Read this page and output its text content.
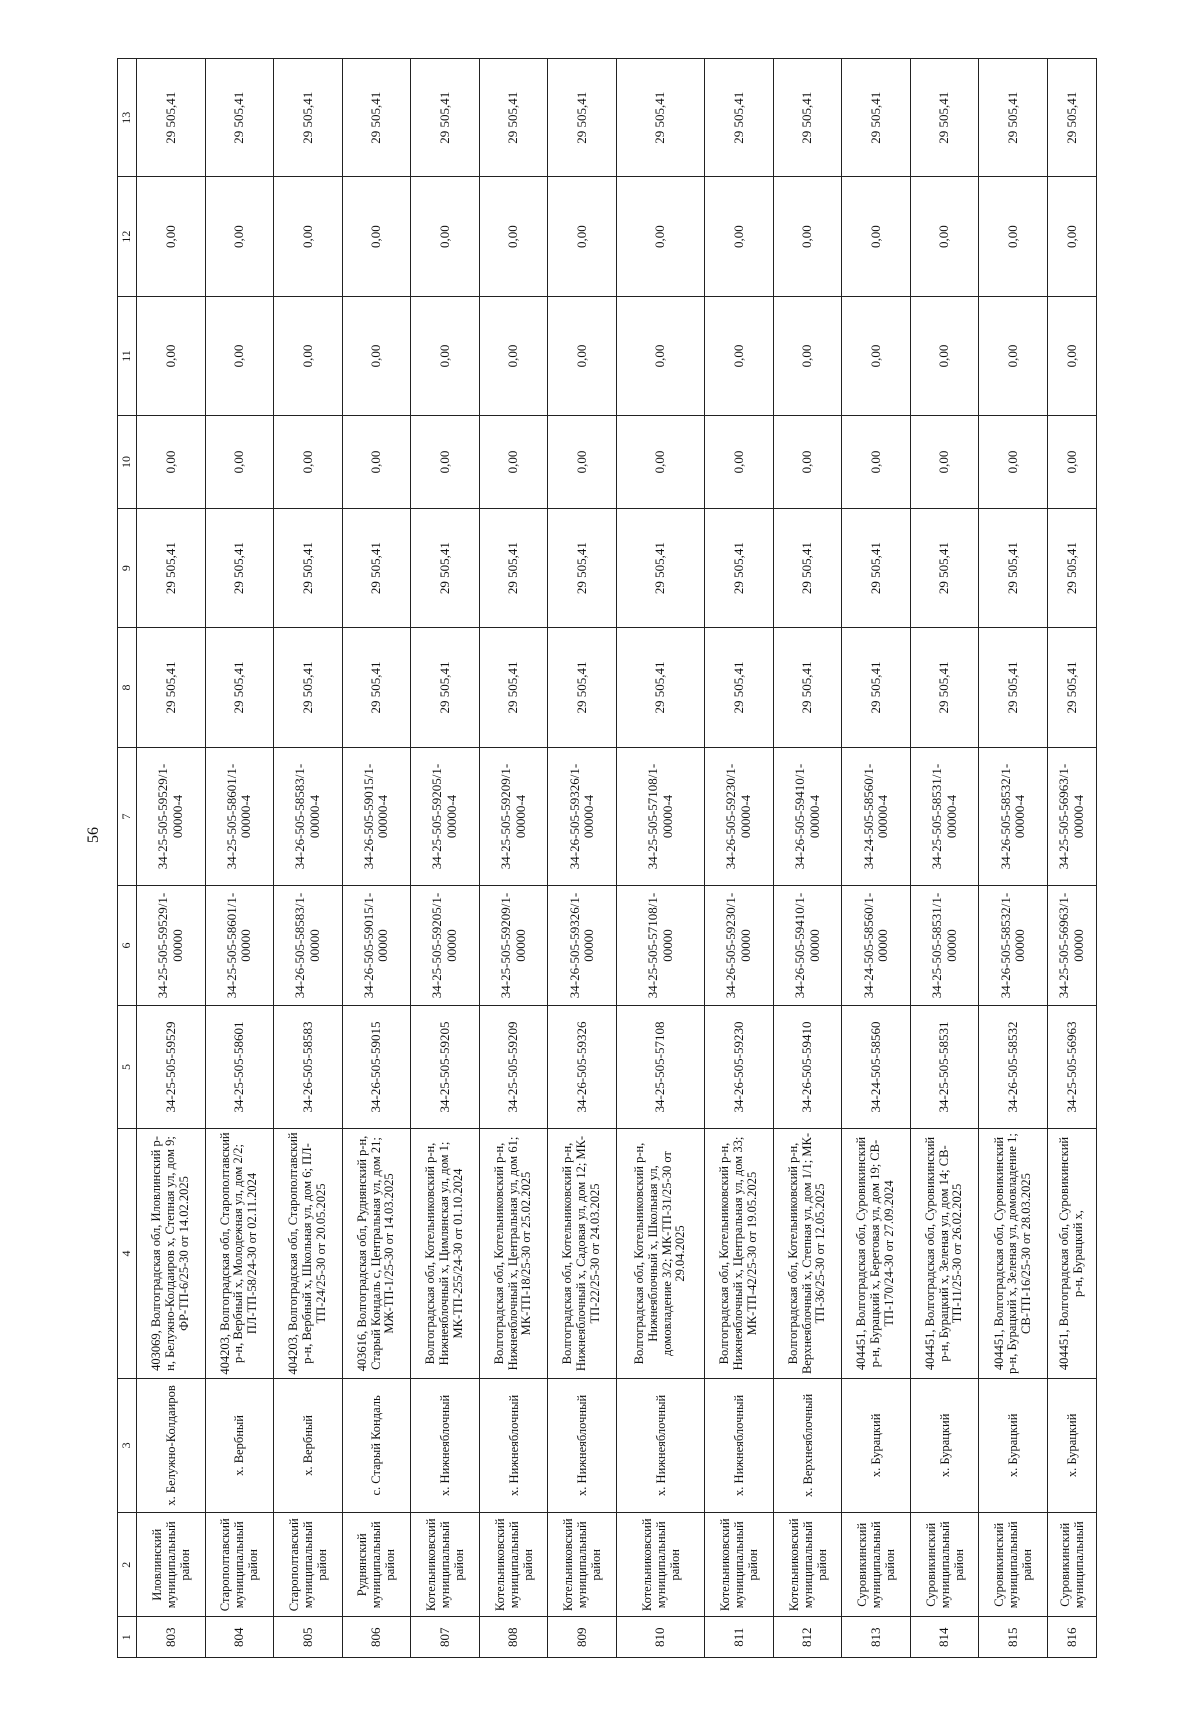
56
1	2	3	4	5	6	7	8	9	10	11	12	13
803	Иловлинский муниципальный район	х. Белужно-Колдаиров	403069, Волгоградская обл, Иловлинский р-н, Белужно-Колдаиров х, Степная ул, дом 9; ФР-ТП-6/25-30 от 14.02.2025	34-25-505-59529	34-25-505-59529/1-00000	34-25-505-59529/1-00000-4	29 505,41	29 505,41	0,00	0,00	0,00	29 505,41
804	Старополтавский муниципальный район	х. Вербный	404203, Волгоградская обл, Старополтавский р-н, Вербный х, Молодежная ул, дом 2/2; ПЛ-ТП-58/24-30 от 02.11.2024	34-25-505-58601	34-25-505-58601/1-00000	34-25-505-58601/1-00000-4	29 505,41	29 505,41	0,00	0,00	0,00	29 505,41
805	Старополтавский муниципальный район	х. Вербный	404203, Волгоградская обл, Старополтавский р-н, Вербный х, Школьная ул, дом 6; ПЛ-ТП-24/25-30 от 20.05.2025	34-26-505-58583	34-26-505-58583/1-00000	34-26-505-58583/1-00000-4	29 505,41	29 505,41	0,00	0,00	0,00	29 505,41
806	Руднянский муниципальный район	с. Старый Кондаль	403616, Волгоградская обл, Руднянский р-н, Старый Кондаль с, Центральная ул, дом 21; МЖ-ТП-1/25-30 от 14.03.2025	34-26-505-59015	34-26-505-59015/1-00000	34-26-505-59015/1-00000-4	29 505,41	29 505,41	0,00	0,00	0,00	29 505,41
807	Котельниковский муниципальный район	х. Нижнеяблочный	Волгоградская обл, Котельниковский р-н, Нижнеяблочный х, Цимлянская ул, дом 1; МК-ТП-255/24-30 от 01.10.2024	34-25-505-59205	34-25-505-59205/1-00000	34-25-505-59205/1-00000-4	29 505,41	29 505,41	0,00	0,00	0,00	29 505,41
808	Котельниковский муниципальный район	х. Нижнеяблочный	Волгоградская обл, Котельниковский р-н, Нижнеяблочный х, Центральная ул, дом 61; МК-ТП-18/25-30 от 25.02.2025	34-25-505-59209	34-25-505-59209/1-00000	34-25-505-59209/1-00000-4	29 505,41	29 505,41	0,00	0,00	0,00	29 505,41
809	Котельниковский муниципальный район	х. Нижнеяблочный	Волгоградская обл, Котельниковский р-н, Нижнеяблочный х, Садовая ул, дом 12; МК-ТП-22/25-30 от 24.03.2025	34-26-505-59326	34-26-505-59326/1-00000	34-26-505-59326/1-00000-4	29 505,41	29 505,41	0,00	0,00	0,00	29 505,41
810	Котельниковский муниципальный район	х. Нижнеяблочный	Волгоградская обл, Котельниковский р-н, Нижнеяблочный х, Школьная ул, домовладение 3/2; МК-ТП-31/25-30 от 29.04.2025	34-25-505-57108	34-25-505-57108/1-00000	34-25-505-57108/1-00000-4	29 505,41	29 505,41	0,00	0,00	0,00	29 505,41
811	Котельниковский муниципальный район	х. Нижнеяблочный	Волгоградская обл, Котельниковский р-н, Нижнеяблочный х, Центральная ул, дом 33; МК-ТП-42/25-30 от 19.05.2025	34-26-505-59230	34-26-505-59230/1-00000	34-26-505-59230/1-00000-4	29 505,41	29 505,41	0,00	0,00	0,00	29 505,41
812	Котельниковский муниципальный район	х. Верхнеяблочный	Волгоградская обл, Котельниковский р-н, Верхнеяблочный х, Степная ул, дом 1/1; МК-ТП-36/25-30 от 12.05.2025	34-26-505-59410	34-26-505-59410/1-00000	34-26-505-59410/1-00000-4	29 505,41	29 505,41	0,00	0,00	0,00	29 505,41
813	Суровикинский муниципальный район	х. Бурацкий	404451, Волгоградская обл, Суровикинский р-н, Бурацкий х, Береговая ул, дом 19; СВ-ТП-170/24-30 от 27.09.2024	34-24-505-58560	34-24-505-58560/1-00000	34-24-505-58560/1-00000-4	29 505,41	29 505,41	0,00	0,00	0,00	29 505,41
814	Суровикинский муниципальный район	х. Бурацкий	404451, Волгоградская обл, Суровикинский р-н, Бурацкий х, Зеленая ул, дом 14; СВ-ТП-11/25-30 от 26.02.2025	34-25-505-58531	34-25-505-58531/1-00000	34-25-505-58531/1-00000-4	29 505,41	29 505,41	0,00	0,00	0,00	29 505,41
815	Суровикинский муниципальный район	х. Бурацкий	404451, Волгоградская обл, Суровикинский р-н, Бурацкий х, Зеленая ул, домовладение 1; СВ-ТП-16/25-30 от 28.03.2025	34-26-505-58532	34-26-505-58532/1-00000	34-26-505-58532/1-00000-4	29 505,41	29 505,41	0,00	0,00	0,00	29 505,41
816	Суровикинский муниципальный	х. Бурацкий	404451, Волгоградская обл, Суровикинский р-н, Бурацкий х,	34-25-505-56963	34-25-505-56963/1-00000	34-25-505-56963/1-00000-4	29 505,41	29 505,41	0,00	0,00	0,00	29 505,41
